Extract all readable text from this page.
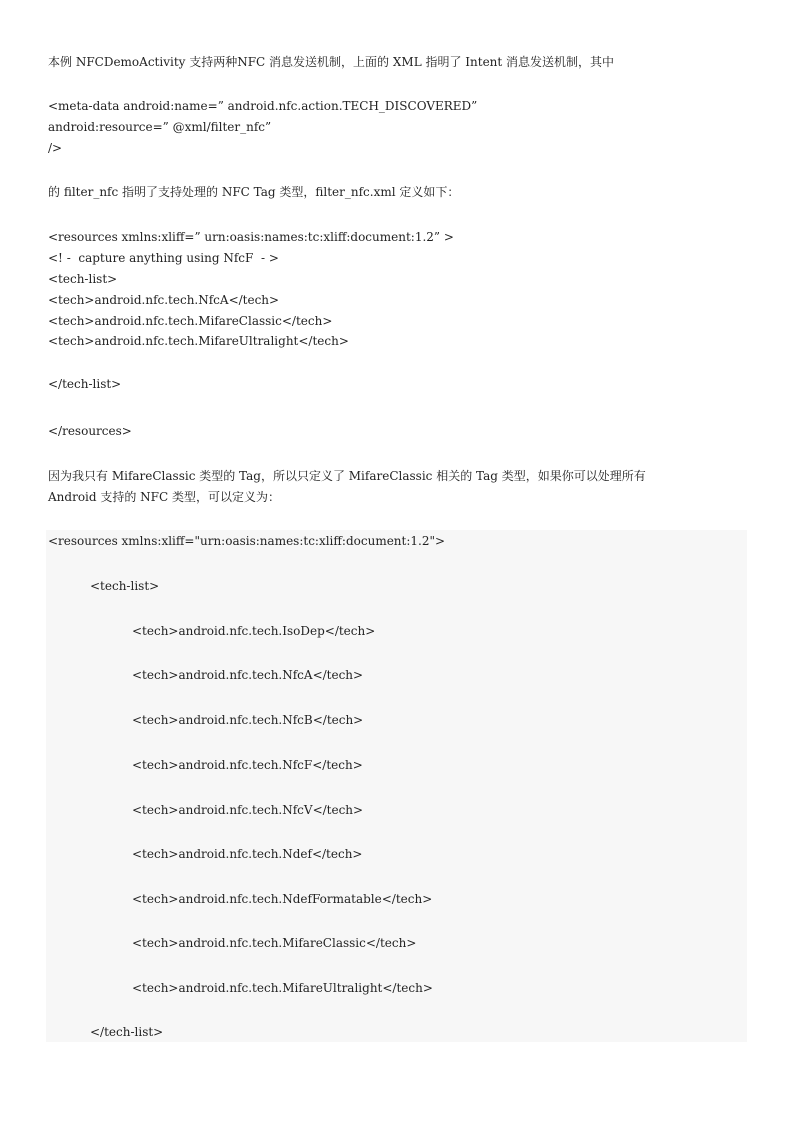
本例 NFCDemoActivity 支持两种NFC 消息发送机制，上面的 XML 指明了 Intent 消息发送机制，其中
<meta-data android:name=” android.nfc.action.TECH_DISCOVERED”
android:resource=” @xml/filter_nfc”
/>
的 filter_nfc 指明了支持处理的 NFC Tag 类型，filter_nfc.xml 定义如下：
<resources xmlns:xliff=” urn:oasis:names:tc:xliff:document:1.2” >
<! -  capture anything using NfcF  - >
<tech-list>
<tech>android.nfc.tech.NfcA</tech>
<tech>android.nfc.tech.MifareClassic</tech>
<tech>android.nfc.tech.MifareUltralight</tech>
</tech-list>
</resources>
因为我只有 MifareClassic 类型的 Tag，所以只定义了 MifareClassic 相关的 Tag 类型，如果你可以处理所有
Android 支持的 NFC 类型，可以定义为：
<resources xmlns:xliff="urn:oasis:names:tc:xliff:document:1.2">
<tech-list>
<tech>android.nfc.tech.IsoDep</tech>
<tech>android.nfc.tech.NfcA</tech>
<tech>android.nfc.tech.NfcB</tech>
<tech>android.nfc.tech.NfcF</tech>
<tech>android.nfc.tech.NfcV</tech>
<tech>android.nfc.tech.Ndef</tech>
<tech>android.nfc.tech.NdefFormatable</tech>
<tech>android.nfc.tech.MifareClassic</tech>
<tech>android.nfc.tech.MifareUltralight</tech>
</tech-list>
